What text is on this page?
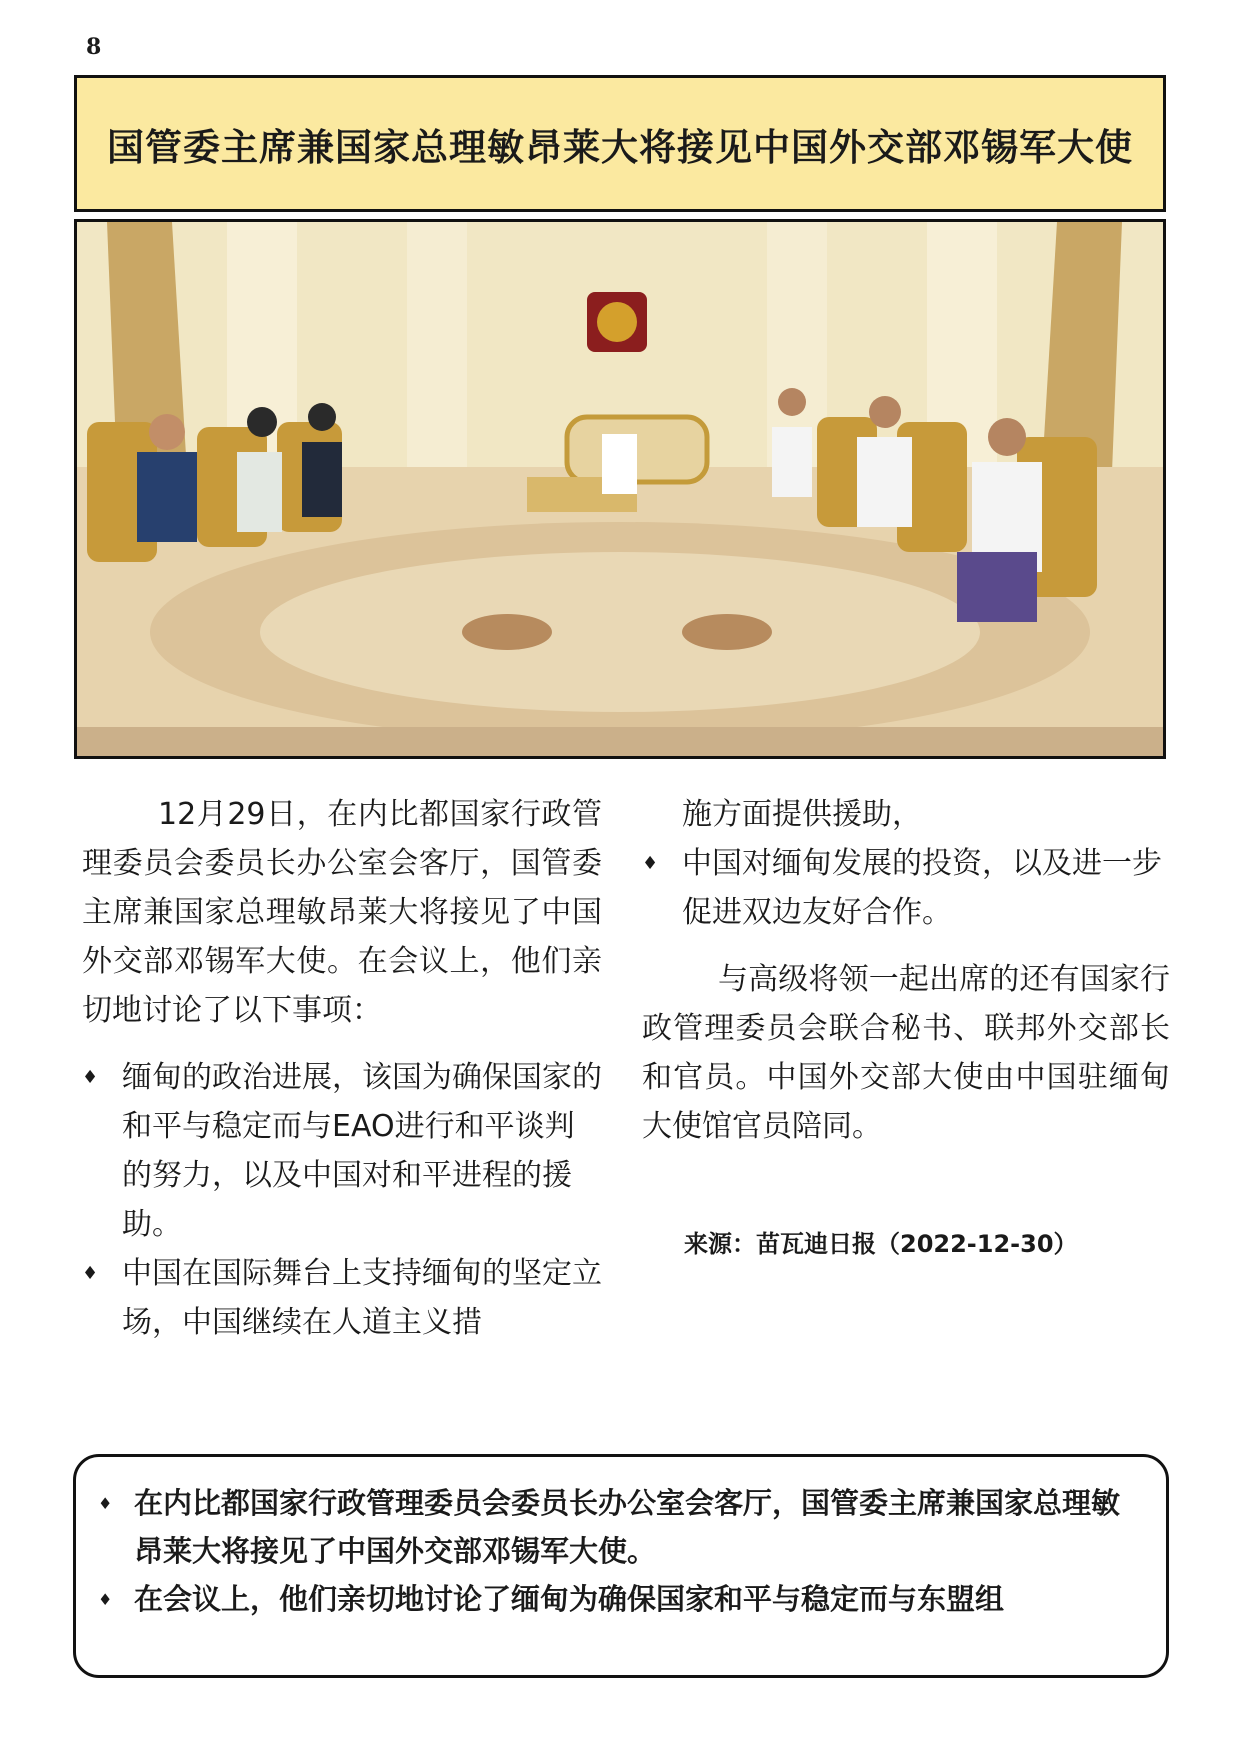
8
国管委主席兼国家总理敏昂莱大将接见中国外交部邓锡军大使

12月29日，在内比都国家行政管理委员会委员长办公室会客厅，国管委主席兼国家总理敏昂莱大将接见了中国外交部邓锡军大使。在会议上，他们亲切地讨论了以下事项：

♦ 缅甸的政治进展，该国为确保国家的和平与稳定而与EAO进行和平谈判的努力，以及中国对和平进程的援助。
♦ 中国在国际舞台上支持缅甸的坚定立场，中国继续在人道主义措

施方面提供援助，

♦ 中国对缅甸发展的投资，以及进一步促进双边友好合作。

与高级将领一起出席的还有国家行政管理委员会联合秘书、联邦外交部长和官员。中国外交部大使由中国驻缅甸大使馆官员陪同。

来源：苗瓦迪日报（2022-12-30）
♦ 在内比都国家行政管理委员会委员长办公室会客厅，国管委主席兼国家总理敏昂莱大将接见了中国外交部邓锡军大使。
♦ 在会议上，他们亲切地讨论了缅甸为确保国家和平与稳定而与东盟组
